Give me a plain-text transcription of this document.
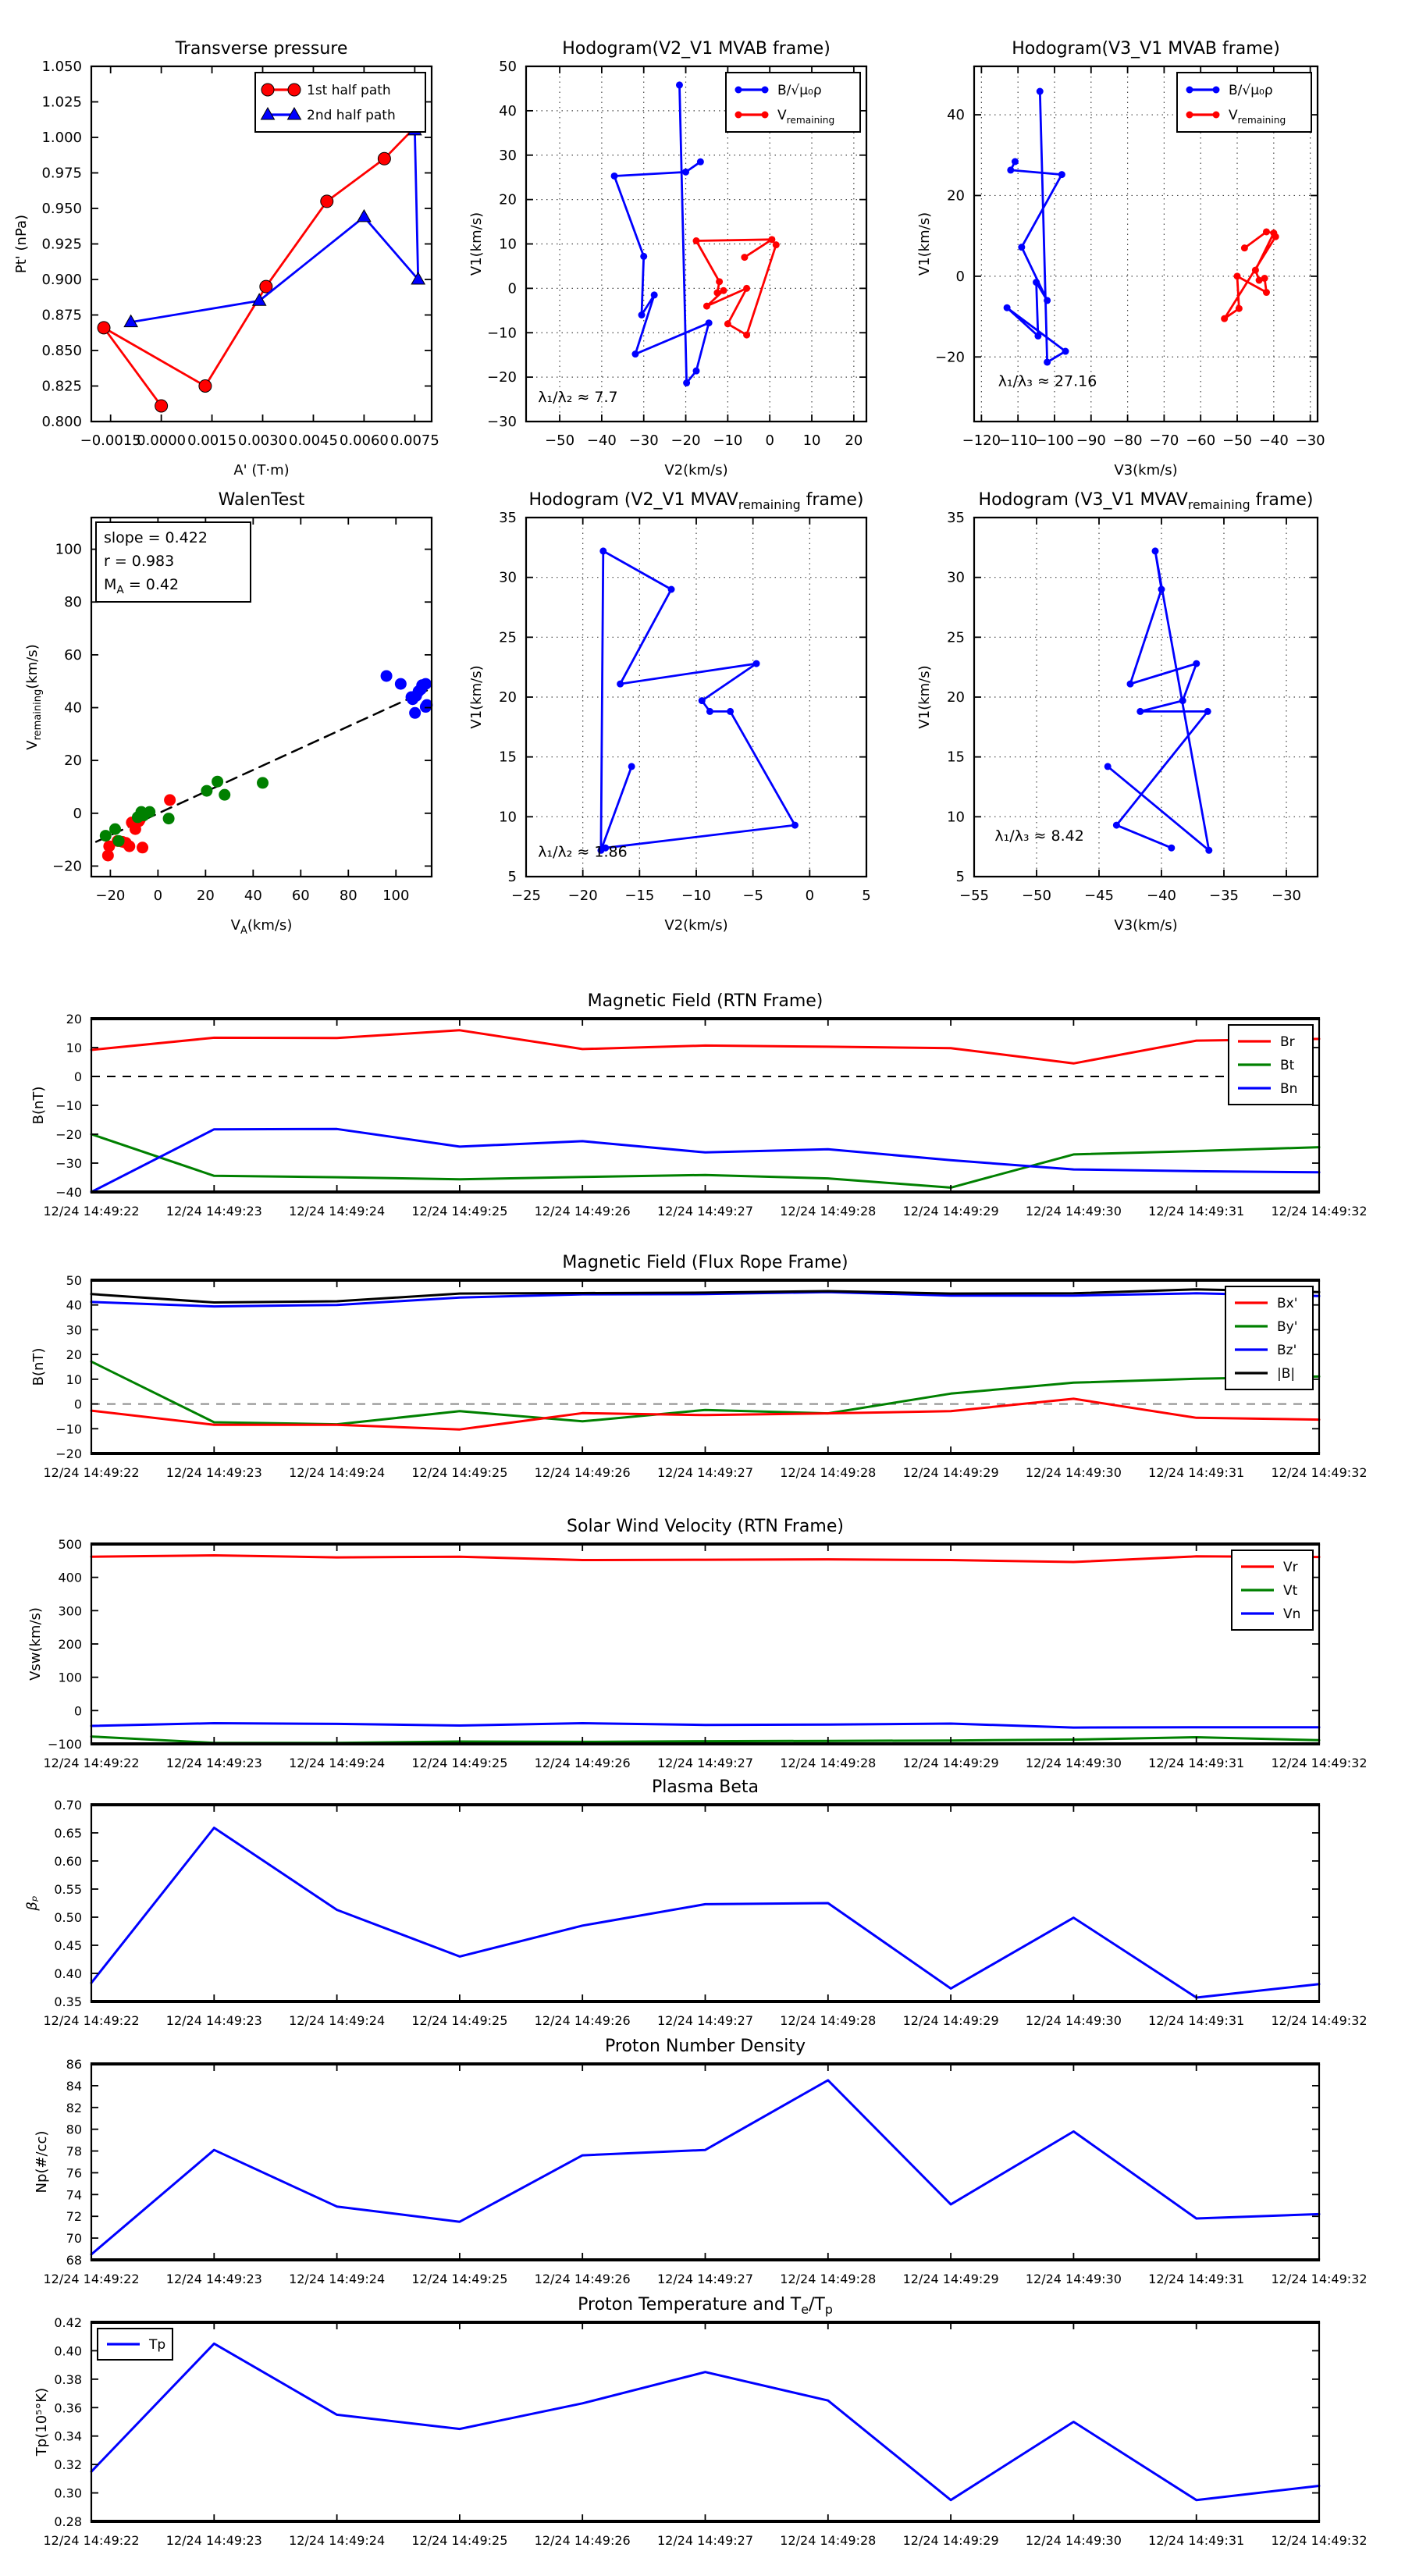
−0.0015
0.0000 0.0015 0.0030 0.0045 0.0060 0.0075
0.800
0.825
0.850
0.875
0.900
0.925
0.950
0.975
1.000
1.025
1.050
Transverse pressure
A' (T·m)
Pt' (nPa)
1st half path
2nd half path
−50 −40 −30 −20 −10 0 10 20
−30
−20
−10
0
10
20
30
40
50
Hodogram(V2_V1 MVAB frame)
V2(km/s)
V1(km/s)
λ₁/λ₂ ≈ 7.7
B/√μ₀ρ
$V_{remaining}$
−120
−110
−100 −90 −80 −70 −60 −50 −40 −30
−20
0
20
40
Hodogram(V3_V1 MVAB frame)
V3(km/s)
V1(km/s)
λ₁/λ₃ ≈ 27.16
B/√μ₀ρ
$V_{remaining}$
−20 0 20 40 60 80 100
−20
0
20
40
60
80
100
WalenTest
$V_A(km/s)$
$V_{remaining}(km/s)$
slope = 0.422
r = 0.983
MA = 0.42
−25 −20 −15 −10 −5	0	5
5
10
15
20
25
30
35
Hodogram (V2_V1 MVAVremaining frame)
V2(km/s)
V1(km/s)
λ₁/λ₂ ≈ 1.86
−55 −50 −45 −40 −35 −30
5
10
15
20
25
30
35
Hodogram (V3_V1 MVAVremaining frame)
V3(km/s)
V1(km/s)
λ₁/λ₃ ≈ 8.42
12/24 14:49:22 12/24 14:49:23 12/24 14:49:24 12/24 14:49:25 12/24 14:49:26 12/24 14:49:27 12/24 14:49:28 12/24 14:49:29 12/24 14:49:30 12/24 14:49:31 12/24 14:49:32
20
10
0
−10
−20
−30
−40
Magnetic Field (RTN Frame)
B(nT)
Br
Bt
Bn
12/24 14:49:22 12/24 14:49:23 12/24 14:49:24 12/24 14:49:25 12/24 14:49:26 12/24 14:49:27 12/24 14:49:28 12/24 14:49:29 12/24 14:49:30 12/24 14:49:31 12/24 14:49:32
50
40
30
20
10
0
−10
−20
Magnetic Field (Flux Rope Frame)
B(nT)
Bx'
By'
Bz'
|B|
12/24 14:49:22 12/24 14:49:23 12/24 14:49:24 12/24 14:49:25 12/24 14:49:26 12/24 14:49:27 12/24 14:49:28 12/24 14:49:29 12/24 14:49:30 12/24 14:49:31 12/24 14:49:32
500
400
300
200
100
0
−100
Solar Wind Velocity (RTN Frame)
Vsw(km/s)
Vr
Vt
Vn
12/24 14:49:22 12/24 14:49:23 12/24 14:49:24 12/24 14:49:25 12/24 14:49:26 12/24 14:49:27 12/24 14:49:28 12/24 14:49:29 12/24 14:49:30 12/24 14:49:31 12/24 14:49:32
0.70
0.65
0.60
0.55
0.50
0.45
0.40
0.35
Plasma Beta
βₚ
12/24 14:49:22 12/24 14:49:23 12/24 14:49:24 12/24 14:49:25 12/24 14:49:26 12/24 14:49:27 12/24 14:49:28 12/24 14:49:29 12/24 14:49:30 12/24 14:49:31 12/24 14:49:32
86
84
82
80
78
76
74
72
70
68
Proton Number Density
Np(#/cc)
12/24 14:49:22 12/24 14:49:23 12/24 14:49:24 12/24 14:49:25 12/24 14:49:26 12/24 14:49:27 12/24 14:49:28 12/24 14:49:29 12/24 14:49:30 12/24 14:49:31 12/24 14:49:32
0.42
0.40
0.38
0.36
0.34
0.32
0.30
0.28
Proton Temperature and Te/Tp
Tp(10⁵°K)
Tp
